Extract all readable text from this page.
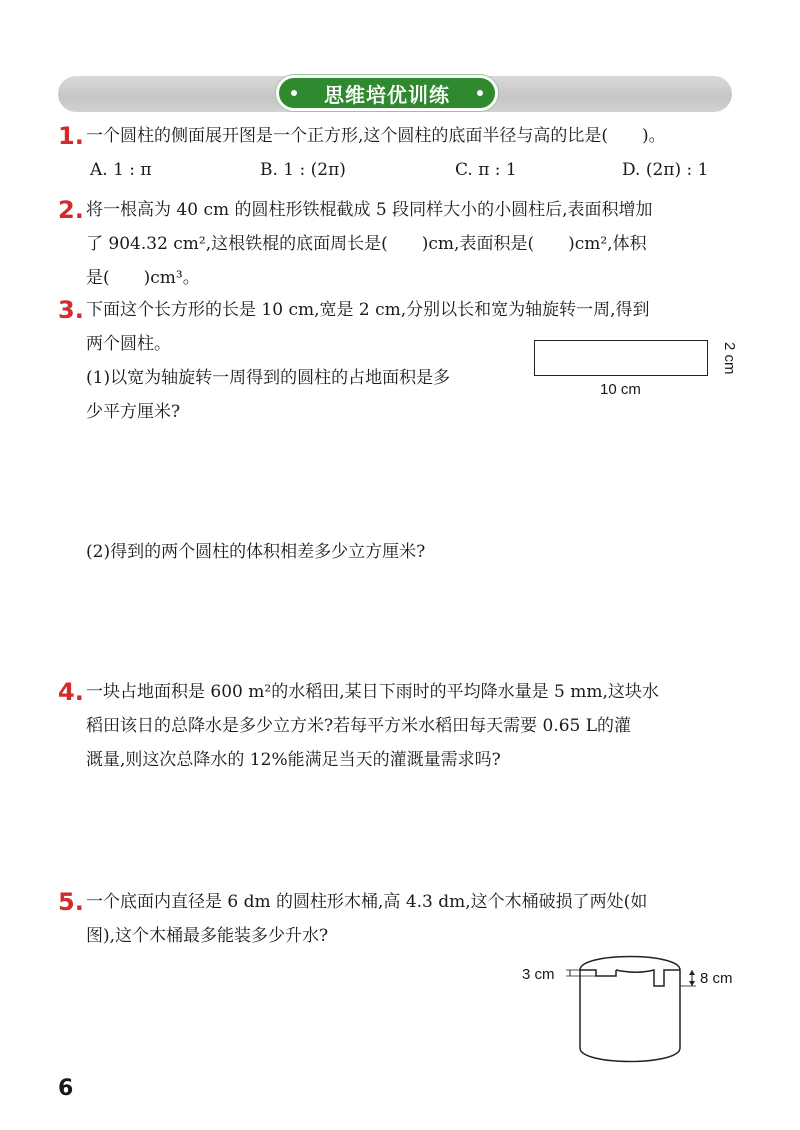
思维培优训练
1. 一个圆柱的侧面展开图是一个正方形,这个圆柱的底面半径与高的比是(　　)。
A. 1 : π	B. 1 : (2π)	C. π : 1	D. (2π) : 1
2. 将一根高为 40 cm 的圆柱形铁棍截成 5 段同样大小的小圆柱后,表面积增加
了 904.32 cm²,这根铁棍的底面周长是(　　)cm,表面积是(　　)cm²,体积
是(　　)cm³。
3. 下面这个长方形的长是 10 cm,宽是 2 cm,分别以长和宽为轴旋转一周,得到
两个圆柱。
(1)以宽为轴旋转一周得到的圆柱的占地面积是多
少平方厘米?
2 cm
10 cm
(2)得到的两个圆柱的体积相差多少立方厘米?
4. 一块占地面积是 600 m²的水稻田,某日下雨时的平均降水量是 5 mm,这块水
稻田该日的总降水是多少立方米?若每平方米水稻田每天需要 0.65 L的灌
溉量,则这次总降水的 12%能满足当天的灌溉量需求吗?
5. 一个底面内直径是 6 dm 的圆柱形木桶,高 4.3 dm,这个木桶破损了两处(如
图),这个木桶最多能装多少升水?
3 cm	8 cm
6
